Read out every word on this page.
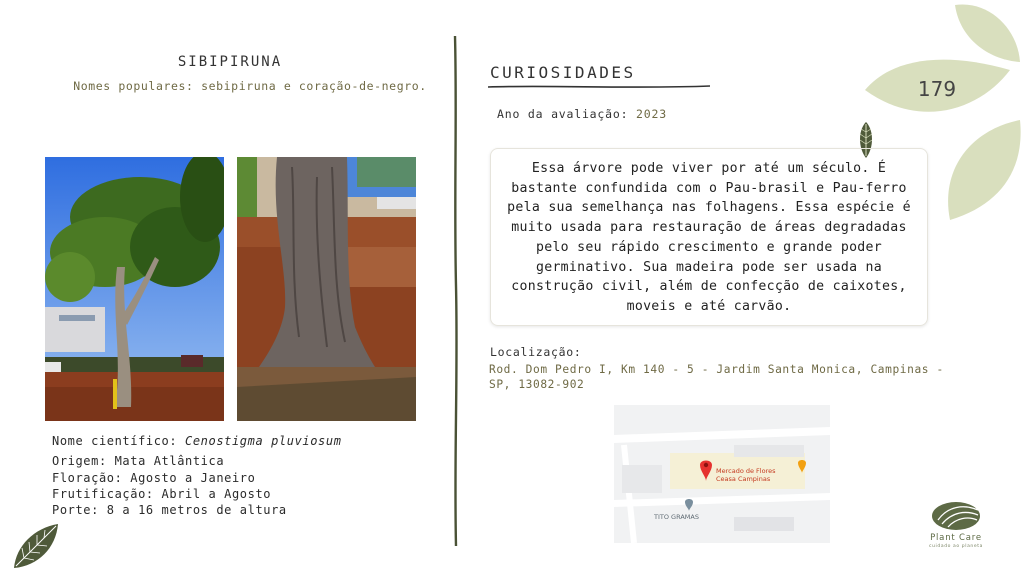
179
SIBIPIRUNA
Nomes populares: sebipiruna e coração-de-negro.
Nome científico: Cenostigma pluviosum
Origem: Mata Atlântica
Floração: Agosto a Janeiro
Frutificação: Abril a Agosto
Porte: 8 a 16 metros de altura
CURIOSIDADES
Ano da avaliação: 2023

Essa árvore pode viver por até um século. É bastante confundida com o Pau-brasil e Pau-ferro pela sua semelhança nas folhagens. Essa espécie é muito usada para restauração de áreas degradadas pelo seu rápido crescimento e grande poder germinativo. Sua madeira pode ser usada na construção civil, além de confecção de caixotes, moveis e até carvão.

Localização:
Rod. Dom Pedro I, Km 140 - 5 - Jardim Santa Monica, Campinas - SP, 13082-902
Mercado de Flores
Ceasa Campinas
TITO GRAMAS
Plant Care
cuidado ao planeta
